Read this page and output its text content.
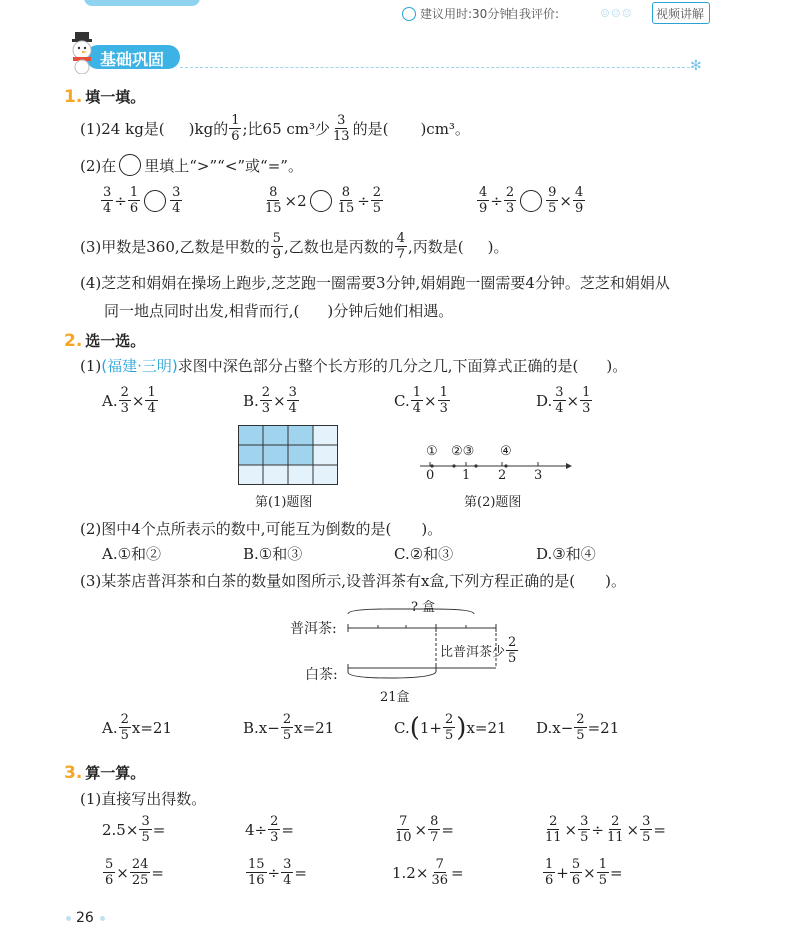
建议用时:30分钟
自我评价:	☺☺☺ 视频讲解
✻
基础巩固
1. 填一填。
(1)24 kg是( )kg的 $\frac{1}{6}$ ;比65 cm³少 $\frac{3}{13}$ 的是( )cm³。
(2)在 里填上“>”“<”或“=”。
$\frac{3}{4} \div \frac{1}{6} \frac{3}{4}$	$\frac{8}{15} \times 2 \frac{8}{15} \div \frac{2}{5}$	$\frac{4}{9} \div \frac{2}{3} \frac{9}{5} \times \frac{4}{9}$
(3)甲数是360,乙数是甲数的 $\frac{5}{9}$ ,乙数也是丙数的 $\frac{4}{7}$ ,丙数是( )。
(4)芝芝和娟娟在操场上跑步,芝芝跑一圈需要3分钟,娟娟跑一圈需要4分钟。芝芝和娟娟从
同一地点同时出发,相背而行,( )分钟后她们相遇。
2. 选一选。
(1) (福建·三明) 求图中深色部分占整个长方形的几分之几,下面算式正确的是( )。
A. $\frac{2}{3} \times \frac{1}{4}$	B. $\frac{2}{3} \times \frac{3}{4}$	C. $\frac{1}{4} \times \frac{1}{3}$	D. $\frac{3}{4} \times \frac{1}{3}$
第(1)题图
① ②③ ④
0 1 2 3
第(2)题图
(2)图中4个点所表示的数中,可能互为倒数的是(　　)。
A.①和②	B.①和③	C.②和③	D.③和④
(3)某茶店普洱茶和白茶的数量如图所示,设普洱茶有x盒,下列方程正确的是(　　)。
? 盒
普洱茶:
比普洱茶少 $\frac{2}{5}$
白茶:
21盒
A. $\frac{2}{5} x=21$	$B.x- \frac{2}{5} x=21$	C. ( $1+ \frac{2}{5}$ ) x=21 $D.x- \frac{2}{5} =21$
3. 算一算。
(1)直接写出得数。
$2.5\times \frac{3}{5}$ =	$4\div \frac{2}{3}$ =	$\frac{7}{10} \times \frac{8}{7}$ =	$\frac{2}{11} \times \frac{3}{5} \div \frac{2}{11} \times \frac{3}{5}$ =
$\frac{5}{6} \times \frac{24}{25}$ =	$\frac{15}{16} \div \frac{3}{4}$ =	$1.2\times \frac{7}{36}$ =	$\frac{1}{6} + \frac{5}{6} \times \frac{1}{5}$ =
26
